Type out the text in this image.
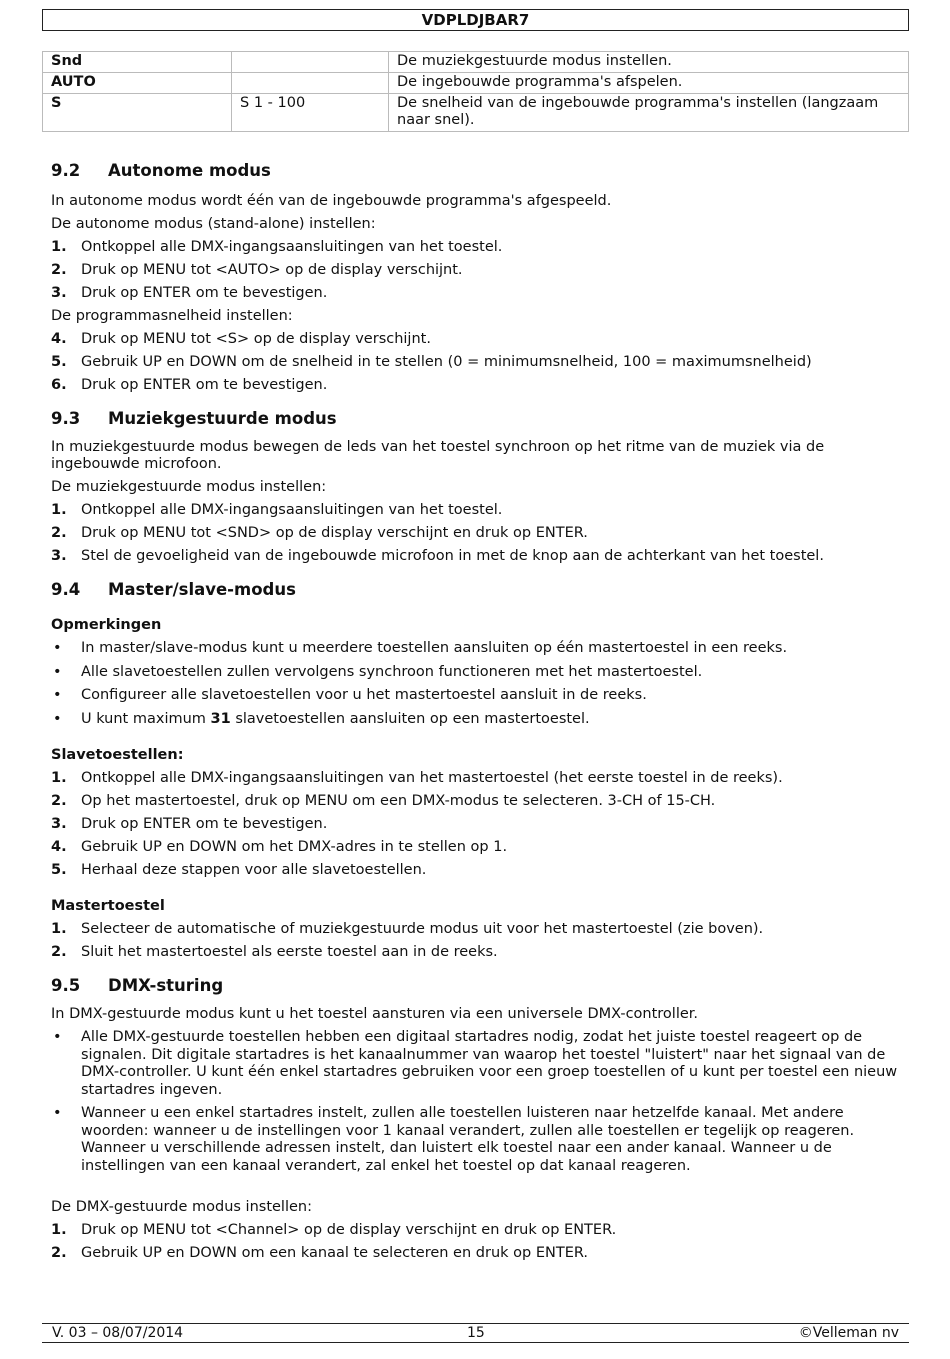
VDPLDJBAR7
Snd		De muziekgestuurde modus instellen.
AUTO		De ingebouwde programma's afspelen.
S	S 1 - 100	De snelheid van de ingebouwde programma's instellen (langzaam naar snel).
9.2 Autonome modus

In autonome modus wordt één van de ingebouwde programma's afgespeeld.

De autonome modus (stand-alone) instellen:

1. Ontkoppel alle DMX-ingangsaansluitingen van het toestel.
2. Druk op MENU tot <AUTO> op de display verschijnt.
3. Druk op ENTER om te bevestigen.

De programmasnelheid instellen:

4. Druk op MENU tot <S> op de display verschijnt.
5. Gebruik UP en DOWN om de snelheid in te stellen (0 = minimumsnelheid, 100 = maximumsnelheid)
6. Druk op ENTER om te bevestigen.
9.3 Muziekgestuurde modus

In muziekgestuurde modus bewegen de leds van het toestel synchroon op het ritme van de muziek via de ingebouwde microfoon.

De muziekgestuurde modus instellen:

1. Ontkoppel alle DMX-ingangsaansluitingen van het toestel.
2. Druk op MENU tot <SND> op de display verschijnt en druk op ENTER.
3. Stel de gevoeligheid van de ingebouwde microfoon in met de knop aan de achterkant van het toestel.
9.4 Master/slave-modus

Opmerkingen

• In master/slave-modus kunt u meerdere toestellen aansluiten op één mastertoestel in een reeks.
• Alle slavetoestellen zullen vervolgens synchroon functioneren met het mastertoestel.
• Configureer alle slavetoestellen voor u het mastertoestel aansluit in de reeks.
• U kunt maximum 31 slavetoestellen aansluiten op een mastertoestel.

Slavetoestellen:

1. Ontkoppel alle DMX-ingangsaansluitingen van het mastertoestel (het eerste toestel in de reeks).
2. Op het mastertoestel, druk op MENU om een DMX-modus te selecteren. 3-CH of 15-CH.
3. Druk op ENTER om te bevestigen.
4. Gebruik UP en DOWN om het DMX-adres in te stellen op 1.
5. Herhaal deze stappen voor alle slavetoestellen.

Mastertoestel

1. Selecteer de automatische of muziekgestuurde modus uit voor het mastertoestel (zie boven).
2. Sluit het mastertoestel als eerste toestel aan in de reeks.
9.5 DMX-sturing

In DMX-gestuurde modus kunt u het toestel aansturen via een universele DMX-controller.

• Alle DMX-gestuurde toestellen hebben een digitaal startadres nodig, zodat het juiste toestel reageert op de signalen. Dit digitale startadres is het kanaalnummer van waarop het toestel "luistert" naar het signaal van de DMX-controller. U kunt één enkel startadres gebruiken voor een groep toestellen of u kunt per toestel een nieuw startadres ingeven.
• Wanneer u een enkel startadres instelt, zullen alle toestellen luisteren naar hetzelfde kanaal. Met andere woorden: wanneer u de instellingen voor 1 kanaal verandert, zullen alle toestellen er tegelijk op reageren. Wanneer u verschillende adressen instelt, dan luistert elk toestel naar een ander kanaal. Wanneer u de instellingen van een kanaal verandert, zal enkel het toestel op dat kanaal reageren.

De DMX-gestuurde modus instellen:

1. Druk op MENU tot <Channel> op de display verschijnt en druk op ENTER.
2. Gebruik UP en DOWN om een kanaal te selecteren en druk op ENTER.
V. 03 – 08/07/2014	15	©Velleman nv
